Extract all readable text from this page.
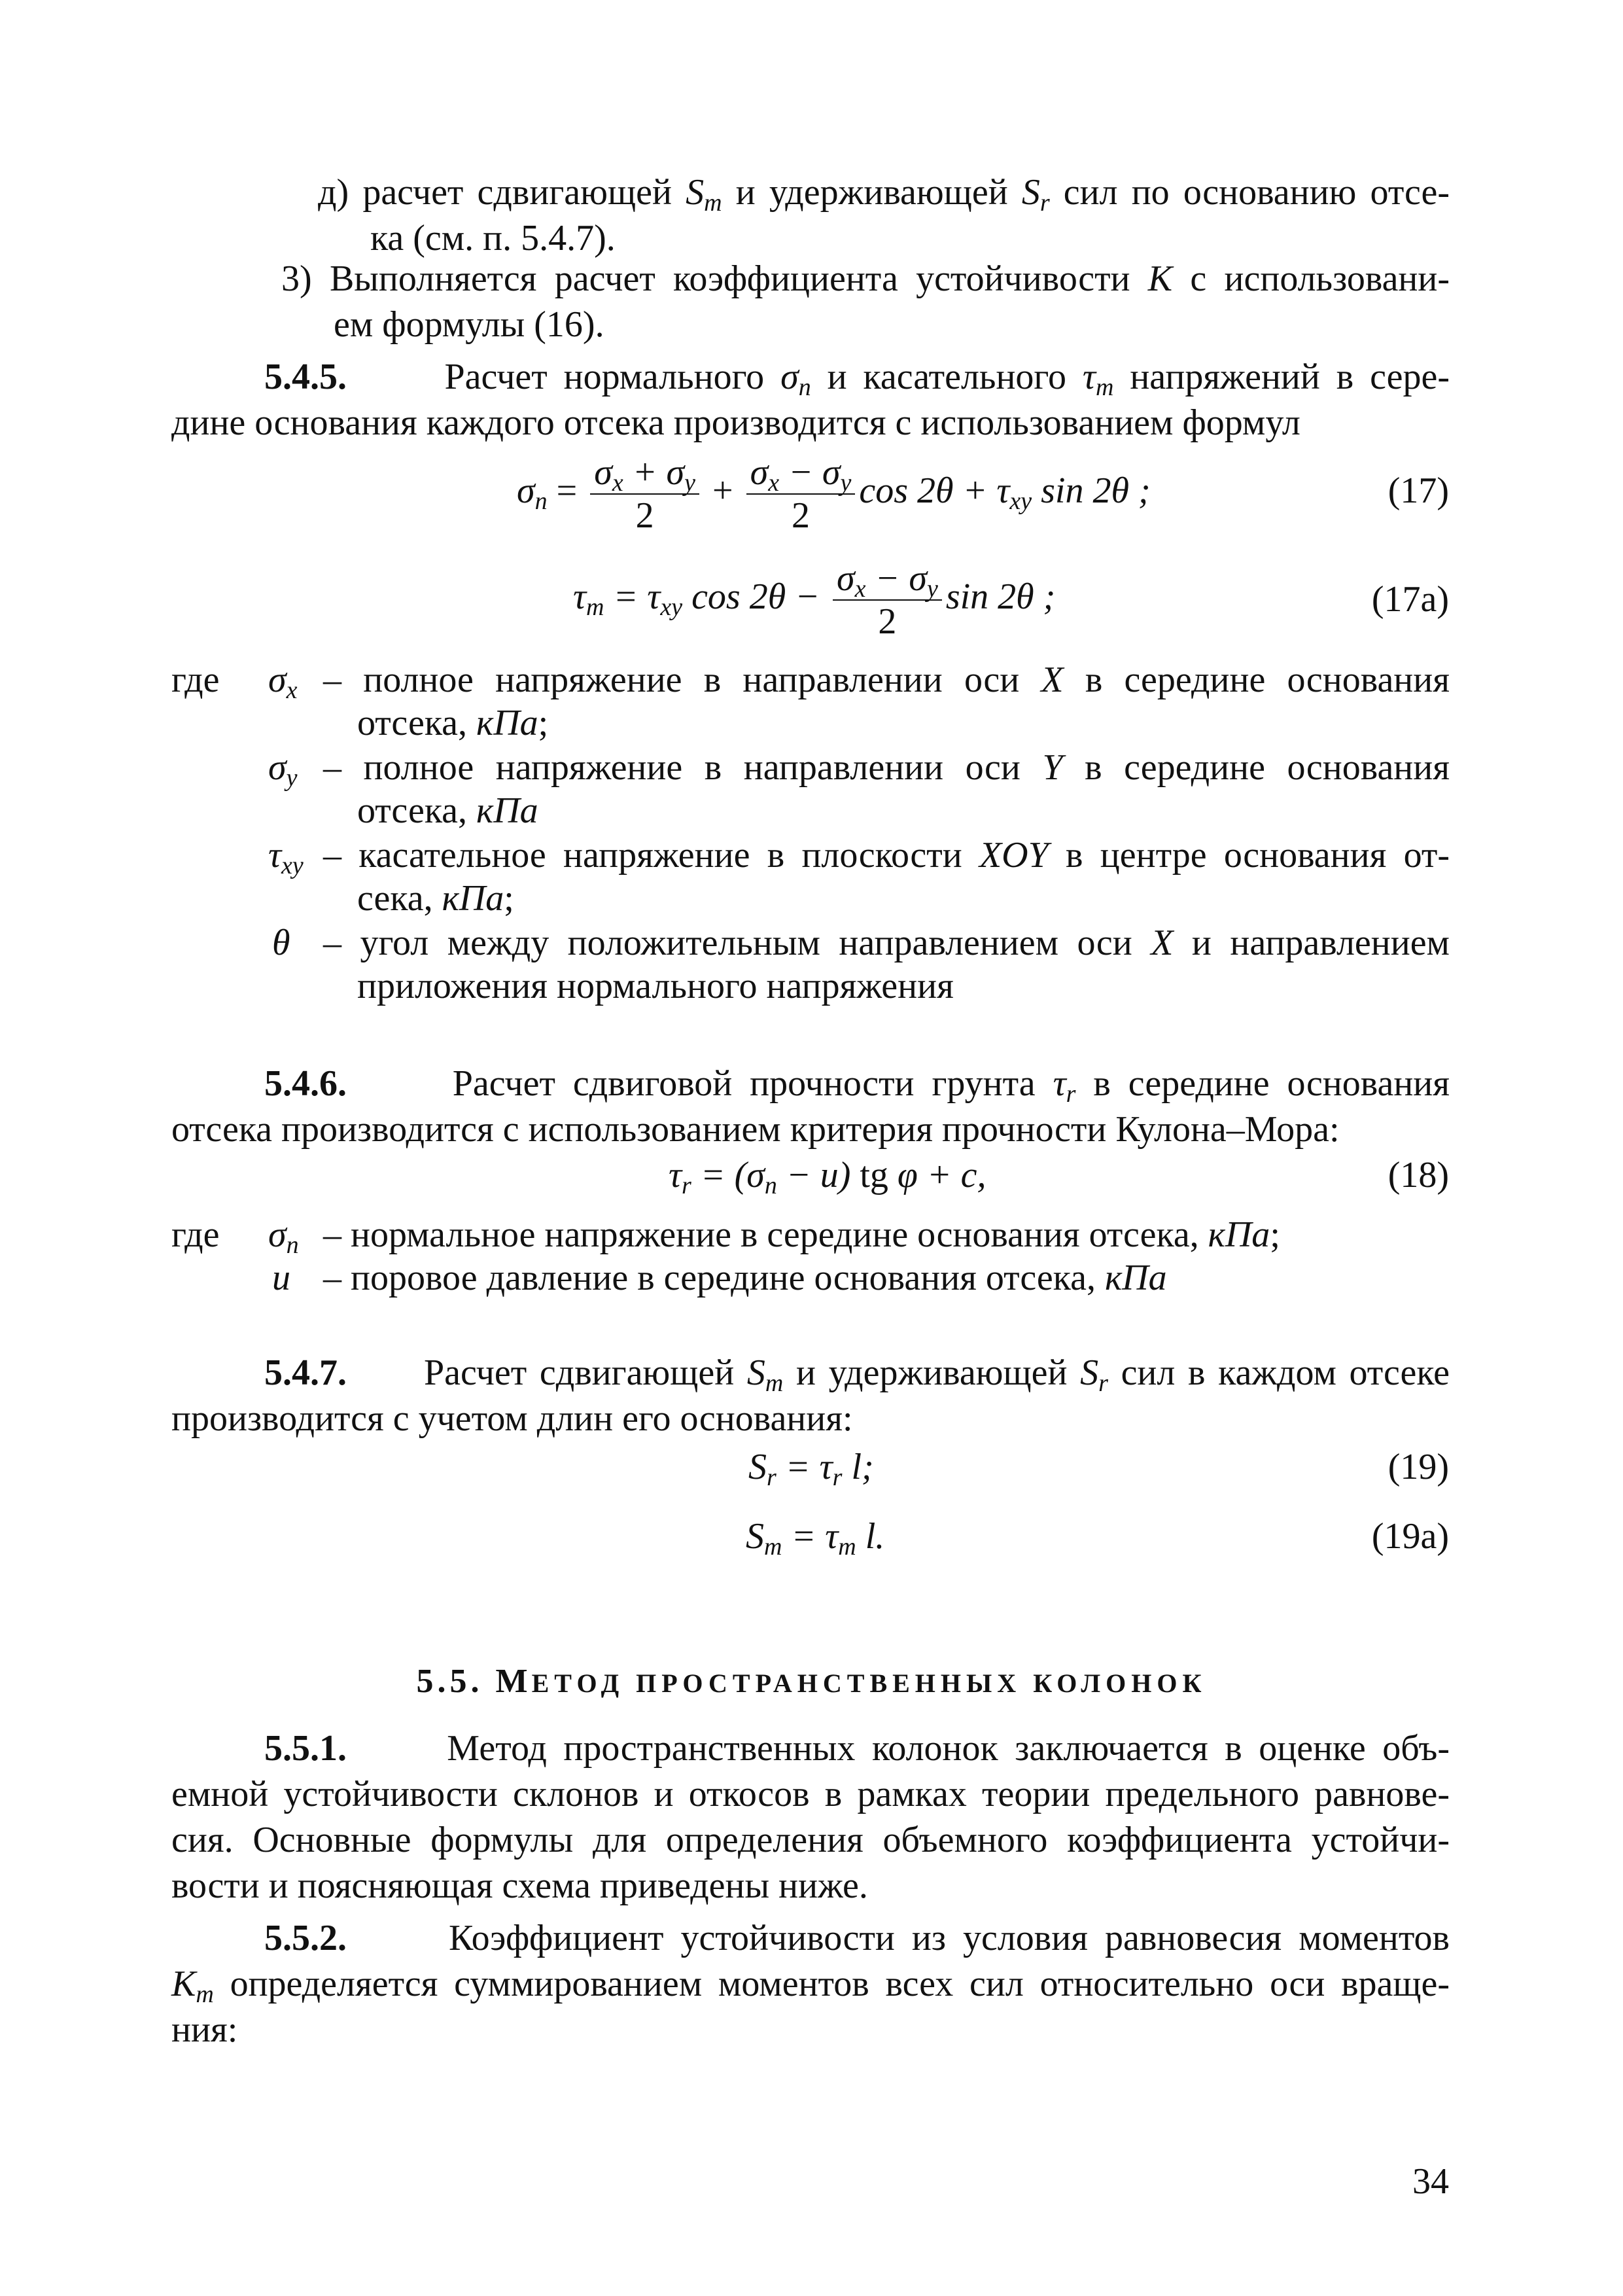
д) расчет сдвигающей $S_m$ и удерживающей $S_r$ сил по основанию отсе-
ка (см. п. 5.4.7).
3) Выполняется расчет коэффициента устойчивости K с использовани-
ем формулы (16).
5.4.5.	Расчет нормального $\sigma_n$ и касательного $\tau_m$ напряжений в сере-
дине основания каждого отсека производится с использованием формул
$\sigma_n = \frac{\sigma_x + \sigma_y}{2} + \frac{\sigma_x - \sigma_y}{2}$ $\cos 2\theta + \tau_{xy}$ sin 2θ ;	(17)
$\tau_m = \tau_{xy}$ $\cos 2\theta - \frac{\sigma_x - \sigma_y}{2}$ sin 2θ ;	(17а)
где $\sigma_x$ – полное напряжение в направлении оси X в середине основания
отсека, кПа;
$\sigma_y$ – полное напряжение в направлении оси Y в середине основания
отсека, кПа
$\tau_{xy}$ – касательное напряжение в плоскости XOY в центре основания от-
сека, кПа;
θ – угол между положительным направлением оси X и направлением
приложения нормального напряжения
5.4.6.	Расчет сдвиговой прочности грунта $\tau_r$ в середине основания
отсека производится с использованием критерия прочности Кулона–Мора:
$\tau_r = (\sigma_n - u)$ tg φ + c,	(18)
где $\sigma_n$ – нормальное напряжение в середине основания отсека, кПа;
u – поровое давление в середине основания отсека, кПа
5.4.7. Расчет сдвигающей $S_m$ и удерживающей $S_r$ сил в каждом отсеке
производится с учетом длин его основания:
$S_r = \tau_r$ l;	(19)
$S_m = \tau_m$ l.	(19а)
5.5. МЕТОД ПРОСТРАНСТВЕННЫХ КОЛОНОК
5.5.1.	Метод пространственных колонок заключается в оценке объ-
емной устойчивости склонов и откосов в рамках теории предельного равнове-
сия. Основные формулы для определения объемного коэффициента устойчи-
вости и поясняющая схема приведены ниже.
5.5.2.	Коэффициент устойчивости из условия равновесия моментов
$K_m$ определяется суммированием моментов всех сил относительно оси враще-
ния:
34
